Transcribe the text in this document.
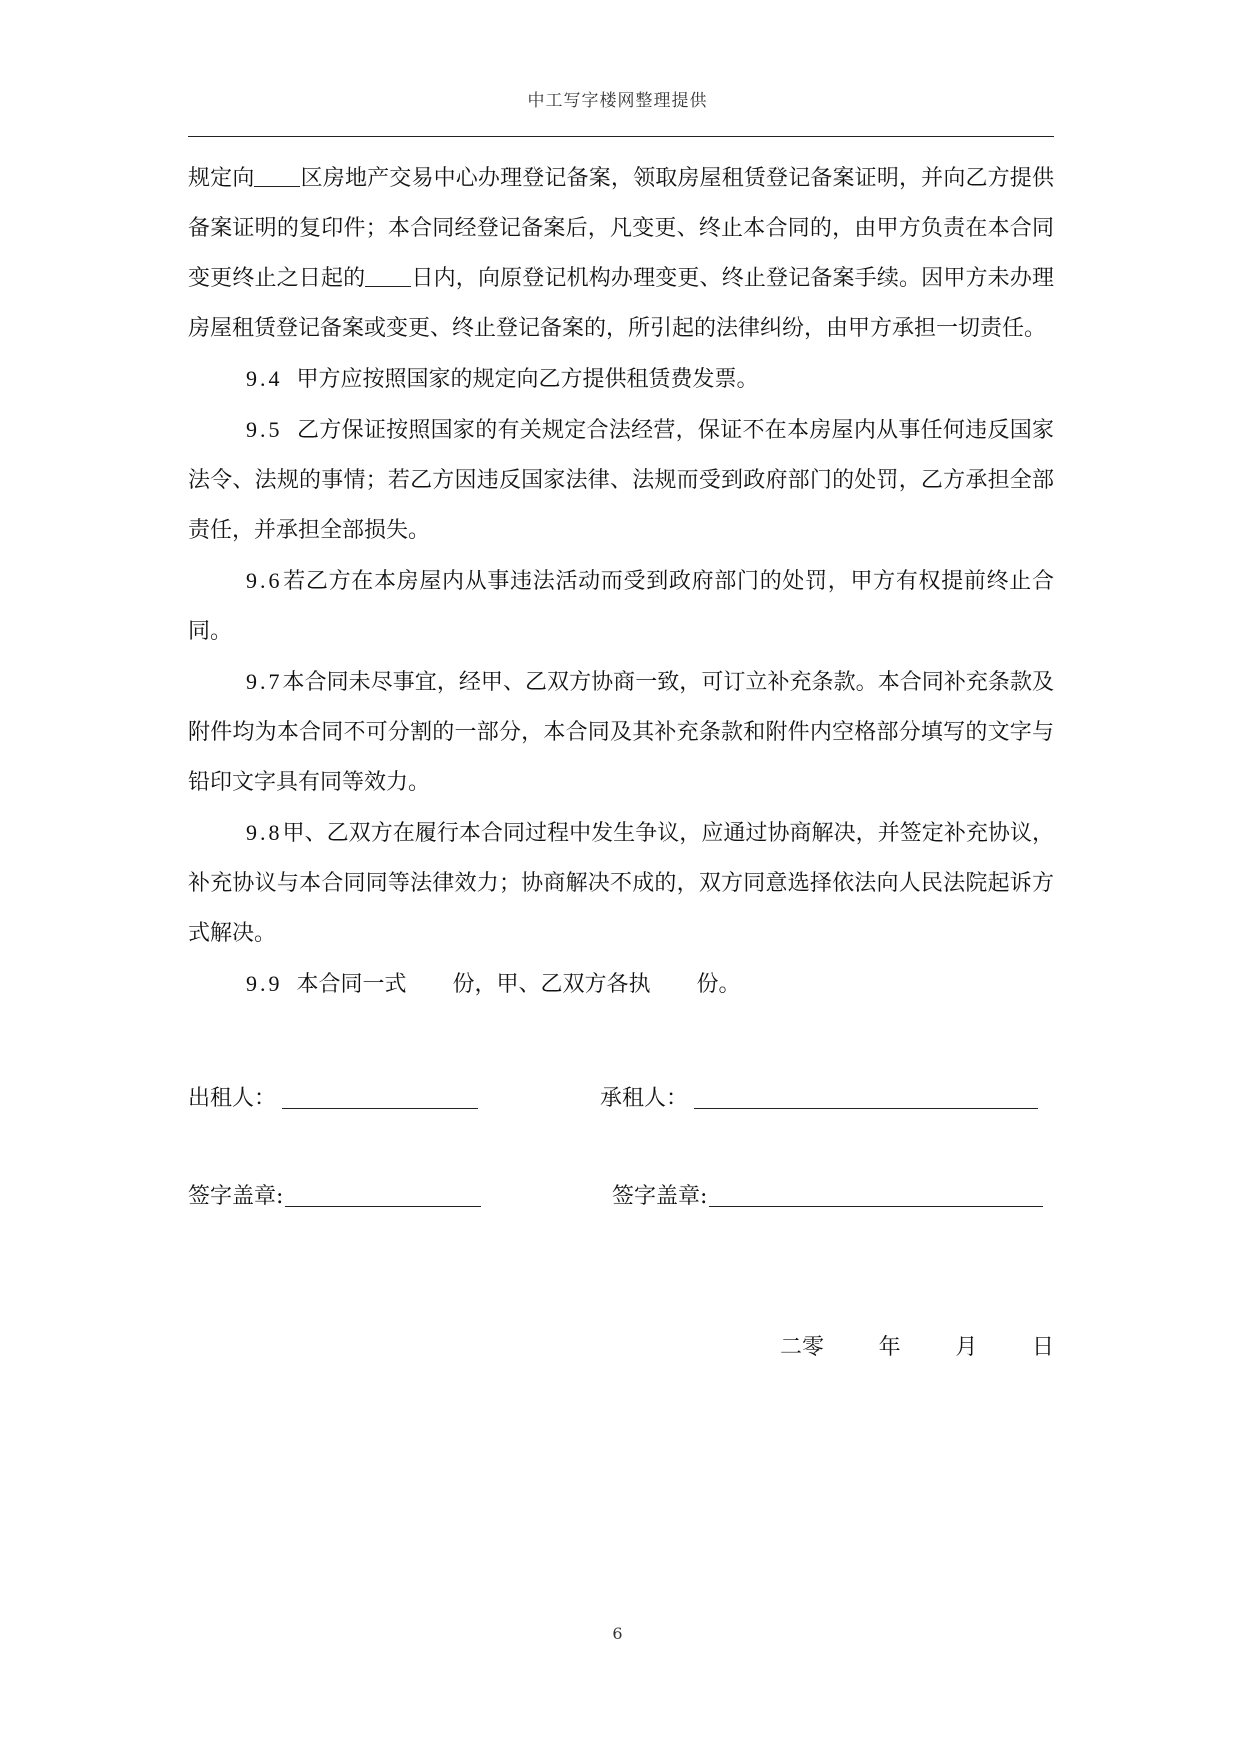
中工写字楼网整理提供

规定向 区房地产交易中心办理登记备案，领取房屋租赁登记备案证明，并向乙方提供备案证明的复印件；本合同经登记备案后，凡变更、终止本合同的，由甲方负责在本合同变更终止之日起的 日内，向原登记机构办理变更、终止登记备案手续。因甲方未办理房屋租赁登记备案或变更、终止登记备案的，所引起的法律纠纷，由甲方承担一切责任。

9.4  甲方应按照国家的规定向乙方提供租赁费发票。

9.5  乙方保证按照国家的有关规定合法经营，保证不在本房屋内从事任何违反国家法令、法规的事情；若乙方因违反国家法律、法规而受到政府部门的处罚，乙方承担全部责任，并承担全部损失。

9.6若乙方在本房屋内从事违法活动而受到政府部门的处罚，甲方有权提前终止合同。

9.7本合同未尽事宜，经甲、乙双方协商一致，可订立补充条款。本合同补充条款及附件均为本合同不可分割的一部分，本合同及其补充条款和附件内空格部分填写的文字与铅印文字具有同等效力。

9.8甲、乙双方在履行本合同过程中发生争议，应通过协商解决，并签定补充协议，补充协议与本合同同等法律效力；协商解决不成的，双方同意选择依法向人民法院起诉方式解决。

9.9  本合同一式 份，甲、乙双方各执 份。

出租人：	承租人：
签字盖章:	签字盖章:
二零 年 月 日
6
